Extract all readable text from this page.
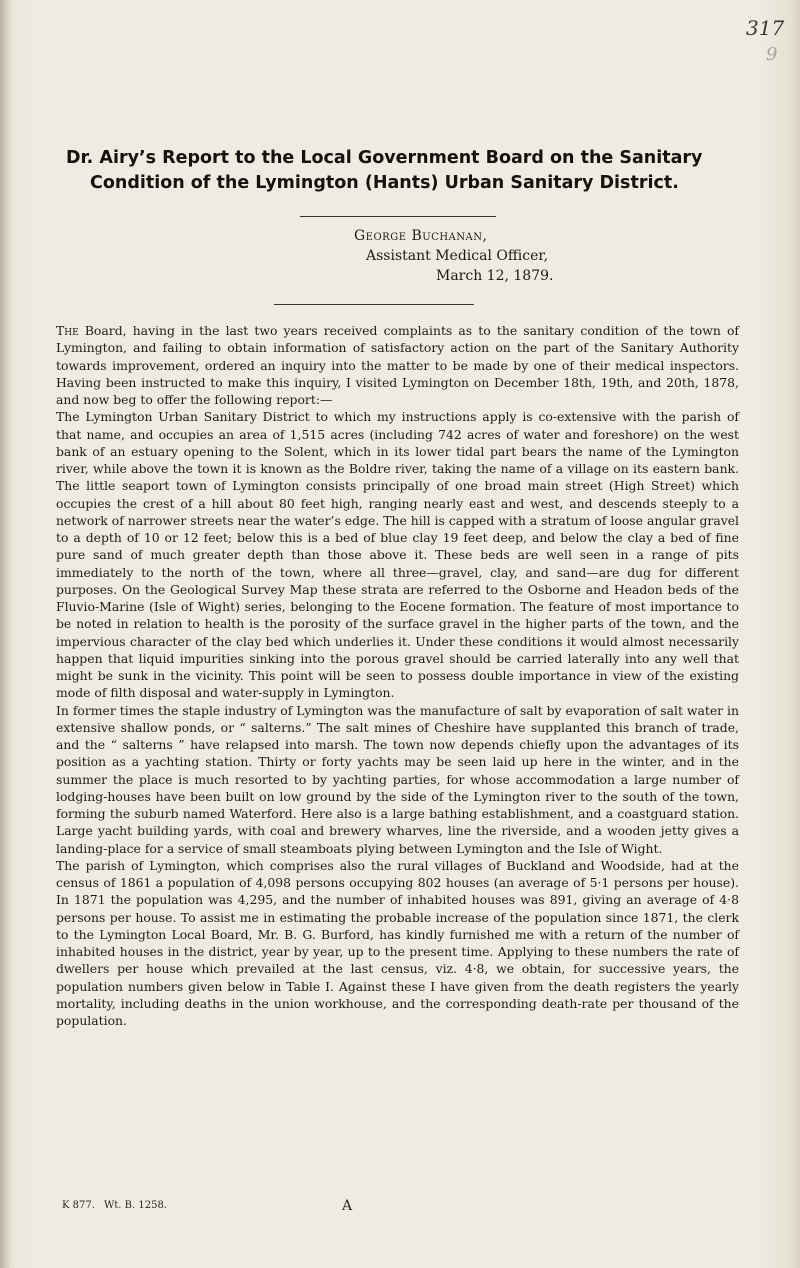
317
9
Dr. Airy’s Report to the Local Government Board on the Sanitary
Condition of the Lymington (Hants) Urban Sanitary District.
George Buchanan,
Assistant Medical Officer,
March 12, 1879.

The Board, having in the last two years received complaints as to the sanitary condition of the town of Lymington, and failing to obtain information of satisfactory action on the part of the Sanitary Authority towards improvement, ordered an inquiry into the matter to be made by one of their medical inspectors. Having been instructed to make this inquiry, I visited Lymington on December 18th, 19th, and 20th, 1878, and now beg to offer the following report:—

The Lymington Urban Sanitary District to which my instructions apply is co-extensive with the parish of that name, and occupies an area of 1,515 acres (including 742 acres of water and foreshore) on the west bank of an estuary opening to the Solent, which in its lower tidal part bears the name of the Lymington river, while above the town it is known as the Boldre river, taking the name of a village on its eastern bank. The little seaport town of Lymington consists principally of one broad main street (High Street) which occupies the crest of a hill about 80 feet high, ranging nearly east and west, and descends steeply to a network of narrower streets near the water’s edge. The hill is capped with a stratum of loose angular gravel to a depth of 10 or 12 feet; below this is a bed of blue clay 19 feet deep, and below the clay a bed of fine pure sand of much greater depth than those above it. These beds are well seen in a range of pits immediately to the north of the town, where all three—gravel, clay, and sand—are dug for different purposes. On the Geological Survey Map these strata are referred to the Osborne and Headon beds of the Fluvio-Marine (Isle of Wight) series, belonging to the Eocene formation. The feature of most importance to be noted in relation to health is the porosity of the surface gravel in the higher parts of the town, and the impervious character of the clay bed which underlies it. Under these conditions it would almost necessarily happen that liquid impurities sinking into the porous gravel should be carried laterally into any well that might be sunk in the vicinity. This point will be seen to possess double importance in view of the existing mode of filth disposal and water-supply in Lymington.

In former times the staple industry of Lymington was the manufacture of salt by evaporation of salt water in extensive shallow ponds, or “ salterns.” The salt mines of Cheshire have supplanted this branch of trade, and the “ salterns ” have relapsed into marsh. The town now depends chiefly upon the advantages of its position as a yachting station. Thirty or forty yachts may be seen laid up here in the winter, and in the summer the place is much resorted to by yachting parties, for whose accommodation a large number of lodging-houses have been built on low ground by the side of the Lymington river to the south of the town, forming the suburb named Waterford. Here also is a large bathing establishment, and a coastguard station. Large yacht building yards, with coal and brewery wharves, line the riverside, and a wooden jetty gives a landing-place for a service of small steamboats plying between Lymington and the Isle of Wight.

The parish of Lymington, which comprises also the rural villages of Buckland and Woodside, had at the census of 1861 a population of 4,098 persons occupying 802 houses (an average of 5·1 persons per house). In 1871 the population was 4,295, and the number of inhabited houses was 891, giving an average of 4·8 persons per house. To assist me in estimating the probable increase of the population since 1871, the clerk to the Lymington Local Board, Mr. B. G. Burford, has kindly furnished me with a return of the number of inhabited houses in the district, year by year, up to the present time. Applying to these numbers the rate of dwellers per house which prevailed at the last census, viz. 4·8, we obtain, for successive years, the population numbers given below in Table I. Against these I have given from the death registers the yearly mortality, including deaths in the union workhouse, and the corresponding death-rate per thousand of the population.

K 877. Wt. B. 1258.	A
